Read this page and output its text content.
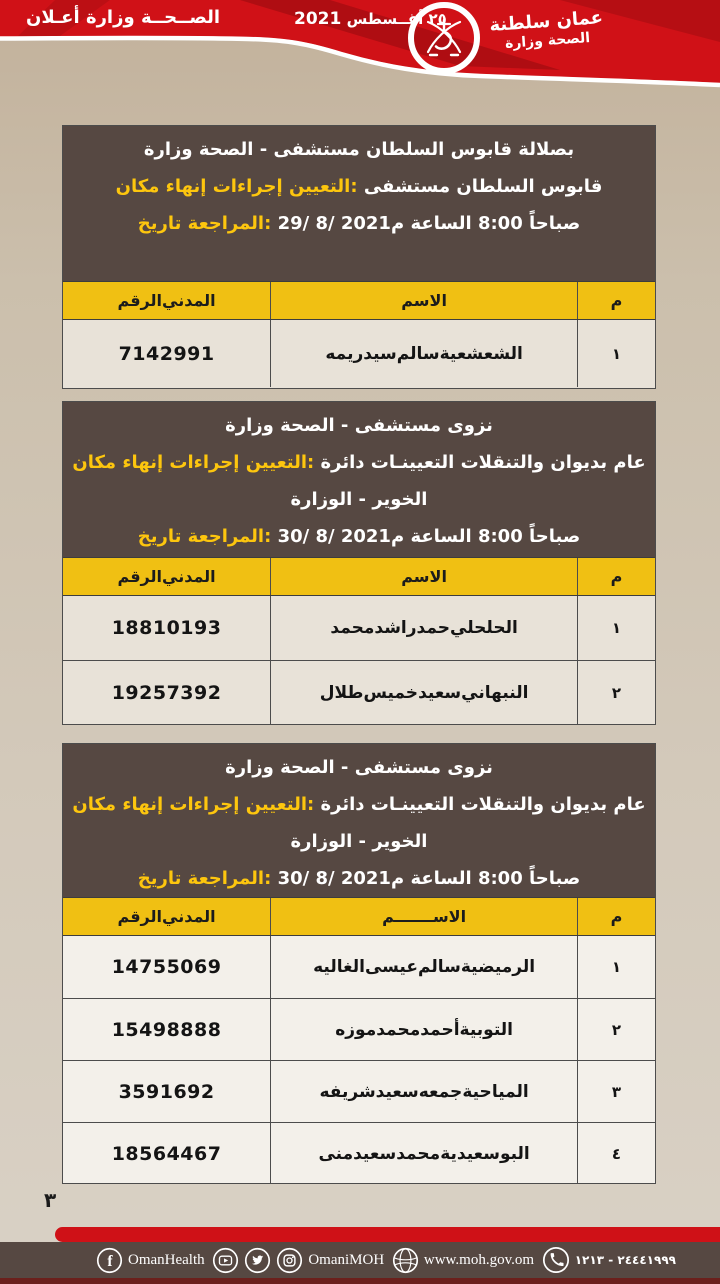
أعـلان وزارة الصــحــة	٢٥ أغــسطس 2021	سلطنة عمان
وزارة الصحة
وزارة الصحة - مستشفى السلطان قابوس بصلالة
مكان إنهاء إجراءات التعيين: مستشفى السلطان قابوس
تاريخ المراجعة: 29/ 8/ 2021م الساعة 8:00 صباحاً
الرقم المدني	الاسم	م
7142991	ريمه سيد سالم الشعشعية	١
وزارة الصحة - مستشفى نزوى
مكان إنهاء إجراءات التعيين: دائرة التعيينـات والتنقلات بديوان عام
الوزارة - الخوير
تاريخ المراجعة: 30/ 8/ 2021م الساعة 8:00 صباحاً
الرقم المدني	الاسم	م
18810193	محمد راشد حمد الحلحلي	١
19257392	طلال خميس سعيد النبهاني	٢
وزارة الصحة - مستشفى نزوى
مكان إنهاء إجراءات التعيين: دائرة التعيينـات والتنقلات بديوان عام
الوزارة - الخوير
تاريخ المراجعة: 30/ 8/ 2021م الساعة 8:00 صباحاً
الرقم المدني	الاســـــــم	م
14755069	الغاليه عيسى سالم الرميضية	١
15498888	موزه محمد أحمد التوبية	٢
3591692	شريفه سعيد جمعه المياحية	٣
18564467	منى سعيد محمد البوسعيدية	٤
٣
f OmanHealth	OmaniMOH	www.moh.gov.om	١٢١٣ - ٢٤٤٤١٩٩٩
